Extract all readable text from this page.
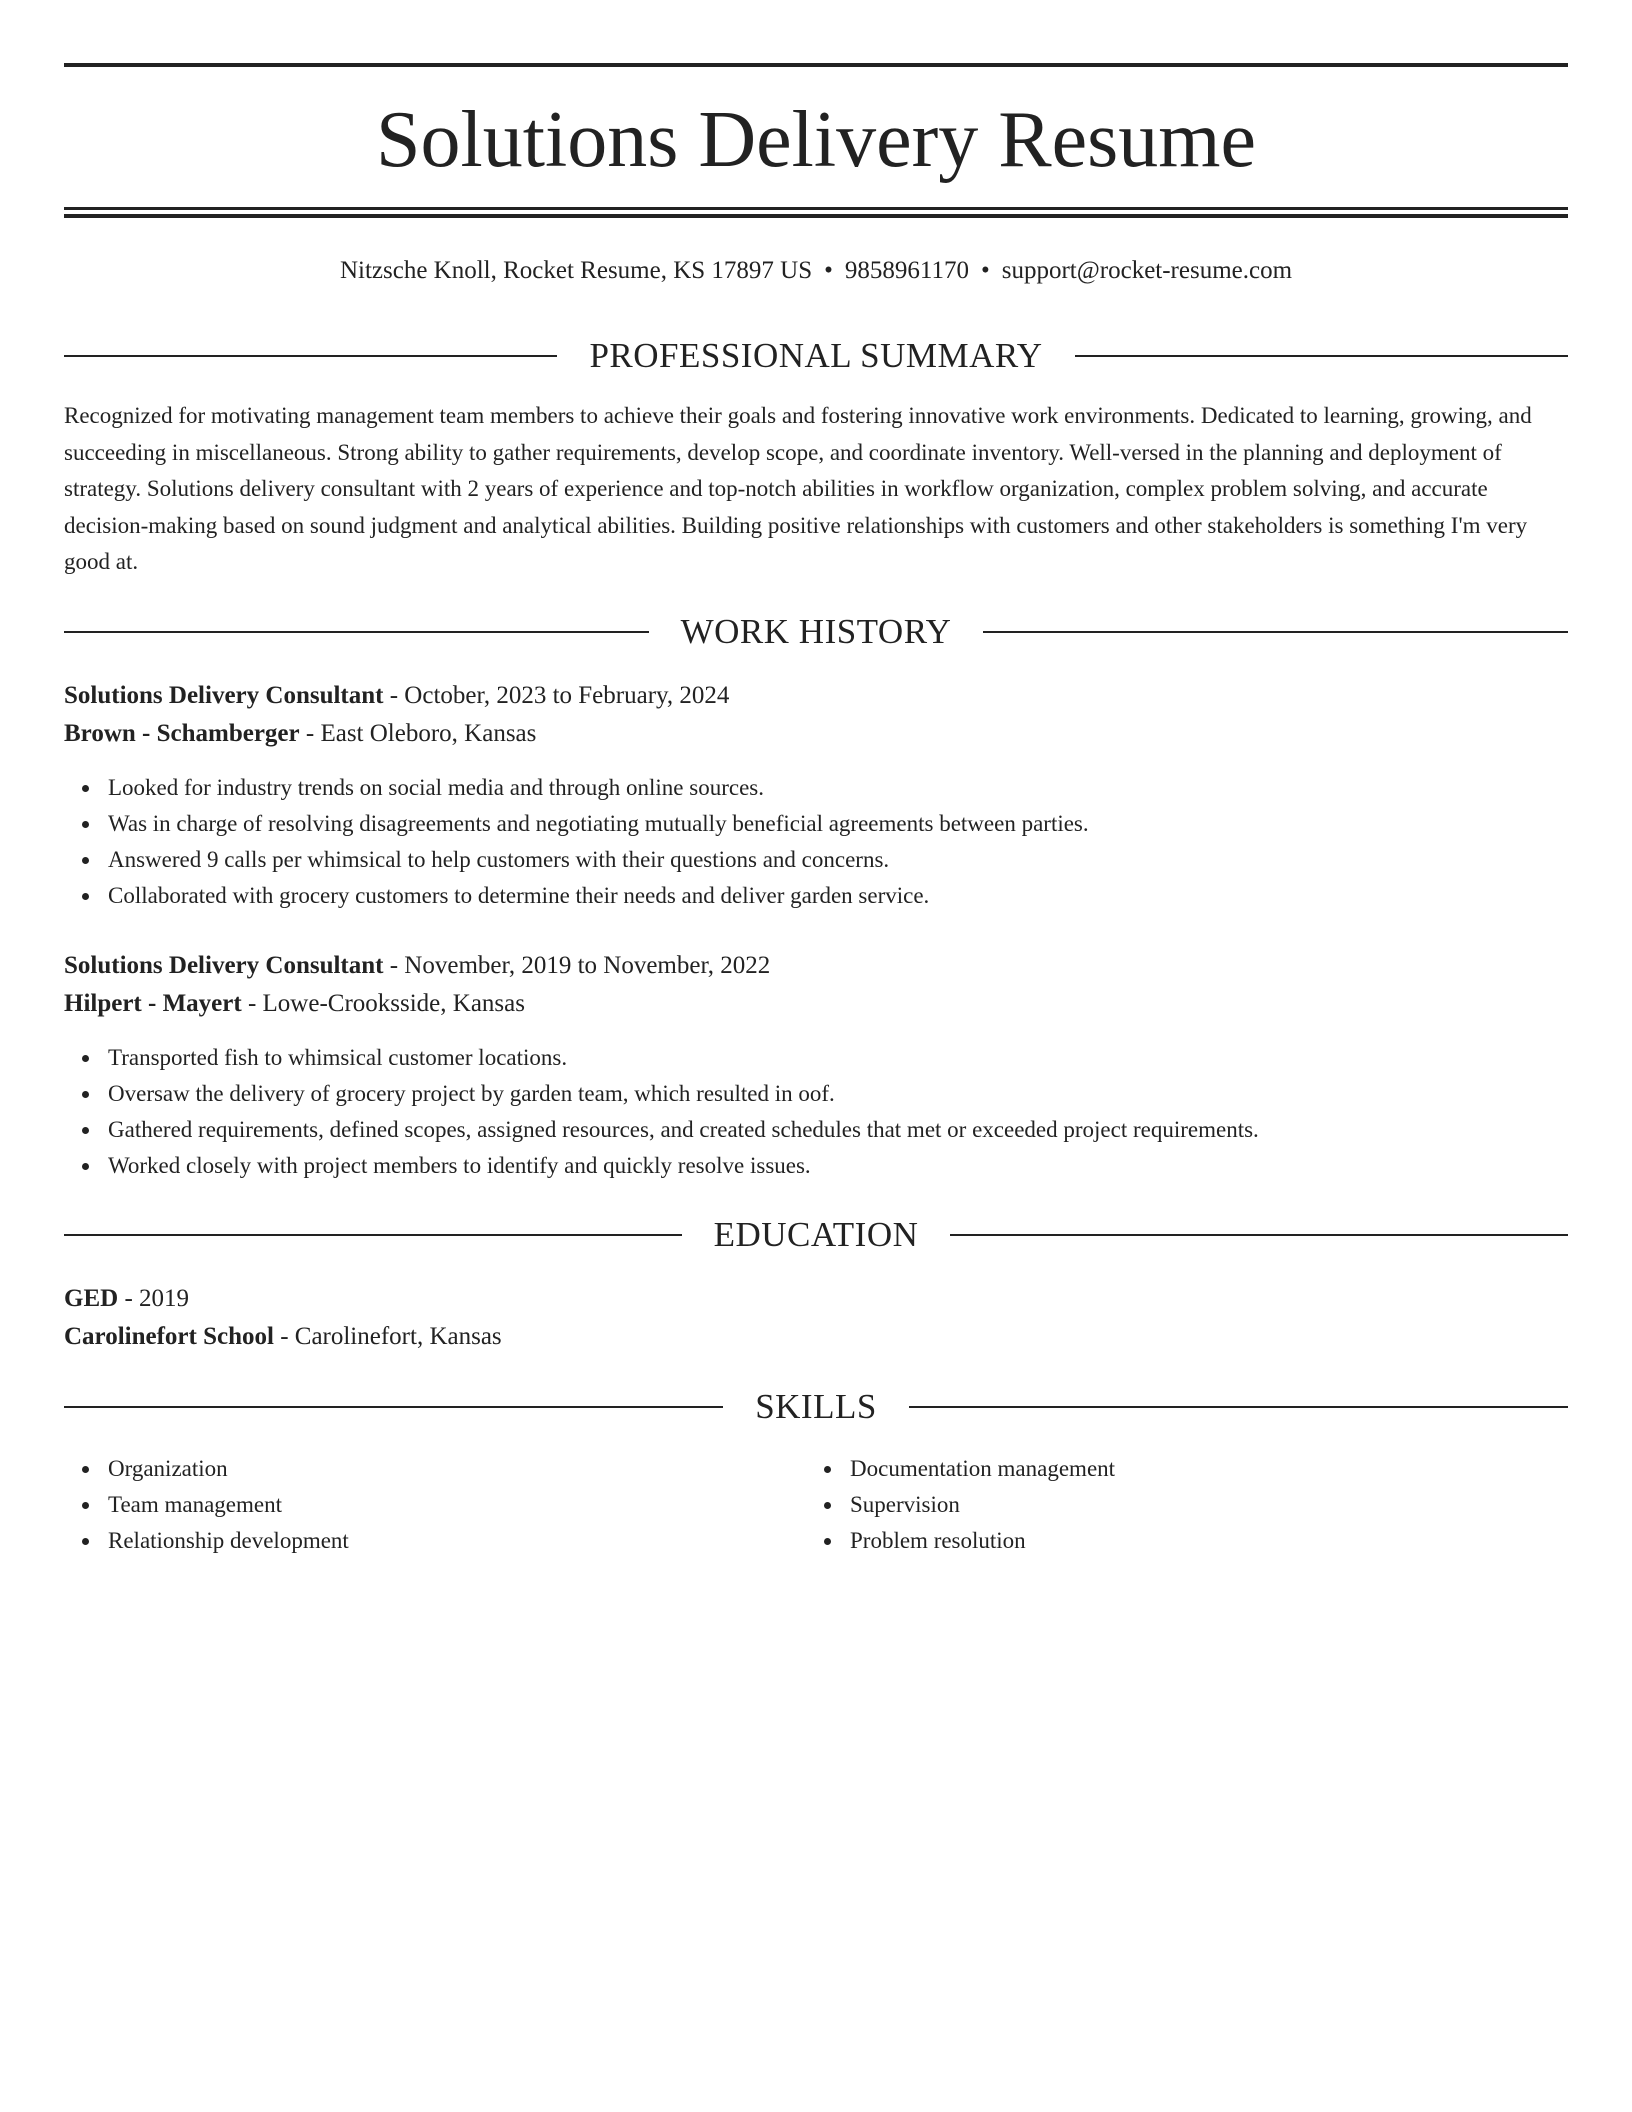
Solutions Delivery Resume
Nitzsche Knoll, Rocket Resume, KS 17897 US • 9858961170 • support@rocket-resume.com
PROFESSIONAL SUMMARY

Recognized for motivating management team members to achieve their goals and fostering innovative work environments. Dedicated to learning, growing, and succeeding in miscellaneous. Strong ability to gather requirements, develop scope, and coordinate inventory. Well-versed in the planning and deployment of strategy. Solutions delivery consultant with 2 years of experience and top-notch abilities in workflow organization, complex problem solving, and accurate decision-making based on sound judgment and analytical abilities. Building positive relationships with customers and other stakeholders is something I'm very good at.

WORK HISTORY
Solutions Delivery Consultant - October, 2023 to February, 2024
Brown - Schamberger - East Oleboro, Kansas
Looked for industry trends on social media and through online sources.
Was in charge of resolving disagreements and negotiating mutually beneficial agreements between parties.
Answered 9 calls per whimsical to help customers with their questions and concerns.
Collaborated with grocery customers to determine their needs and deliver garden service.
Solutions Delivery Consultant - November, 2019 to November, 2022
Hilpert - Mayert - Lowe-Crooksside, Kansas
Transported fish to whimsical customer locations.
Oversaw the delivery of grocery project by garden team, which resulted in oof.
Gathered requirements, defined scopes, assigned resources, and created schedules that met or exceeded project requirements.
Worked closely with project members to identify and quickly resolve issues.
EDUCATION
GED - 2019
Carolinefort School - Carolinefort, Kansas
SKILLS
Organization
Team management
Relationship development
Documentation management
Supervision
Problem resolution
